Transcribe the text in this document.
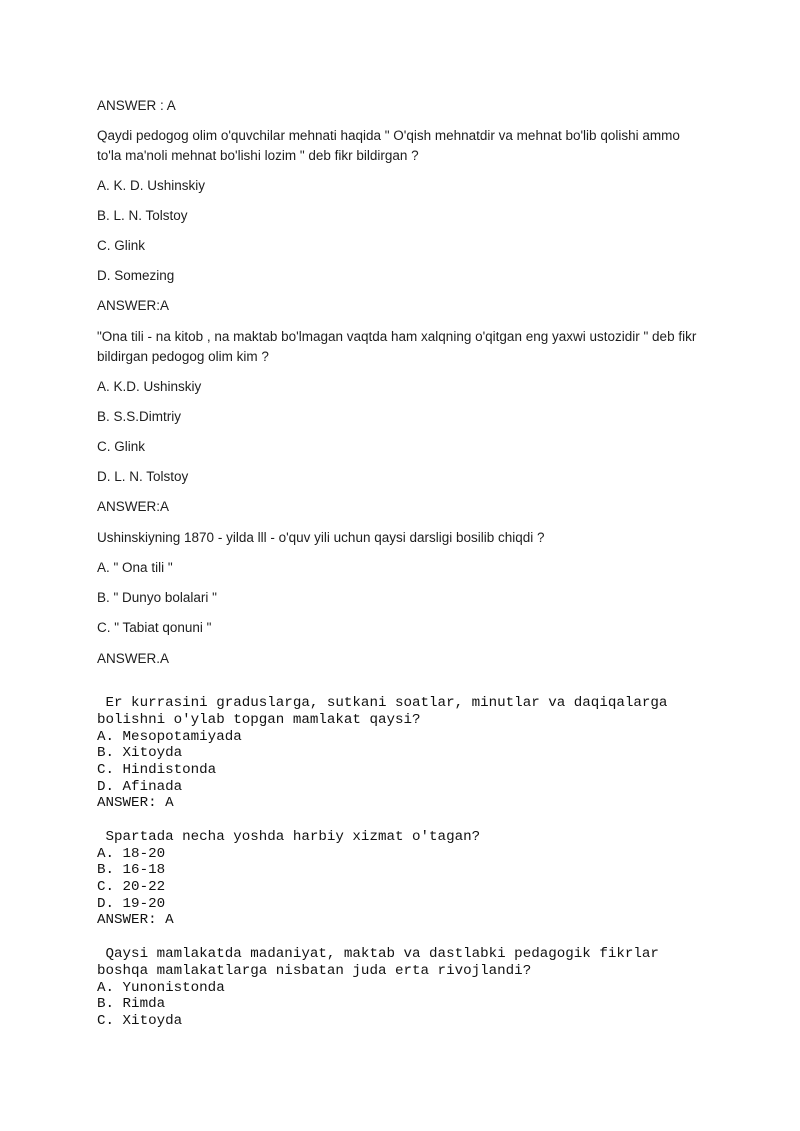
ANSWER : A
Qaydi pedogog olim o'quvchilar mehnati haqida " O'qish mehnatdir va mehnat bo'lib qolishi ammo to'la ma'noli mehnat bo'lishi lozim " deb fikr bildirgan ?
A. K. D. Ushinskiy
B. L. N. Tolstoy
C. Glink
D. Somezing
ANSWER:A
"Ona tili - na kitob , na maktab bo'lmagan vaqtda ham xalqning o'qitgan eng yaxwi ustozidir " deb fikr bildirgan pedogog olim kim ?
A. K.D. Ushinskiy
B. S.S.Dimtriy
C. Glink
D. L. N. Tolstoy
ANSWER:A
Ushinskiyning 1870 - yilda lll - o'quv yili uchun qaysi darsligi bosilib chiqdi ?
A. " Ona tili "
B. " Dunyo bolalari "
C. " Tabiat qonuni "
ANSWER.A
Er kurrasini graduslarga, sutkani soatlar, minutlar va daqiqalarga
bolishni o'ylab topgan mamlakat qaysi?
A. Mesopotamiyada
B. Xitoyda
C. Hindistonda
D. Afinada
ANSWER: A
Spartada necha yoshda harbiy xizmat o'tagan?
A. 18-20
B. 16-18
C. 20-22
D. 19-20
ANSWER: A
Qaysi mamlakatda madaniyat, maktab va dastlabki pedagogik fikrlar
boshqa mamlakatlarga nisbatan juda erta rivojlandi?
A. Yunonistonda
B. Rimda
C. Xitoyda
